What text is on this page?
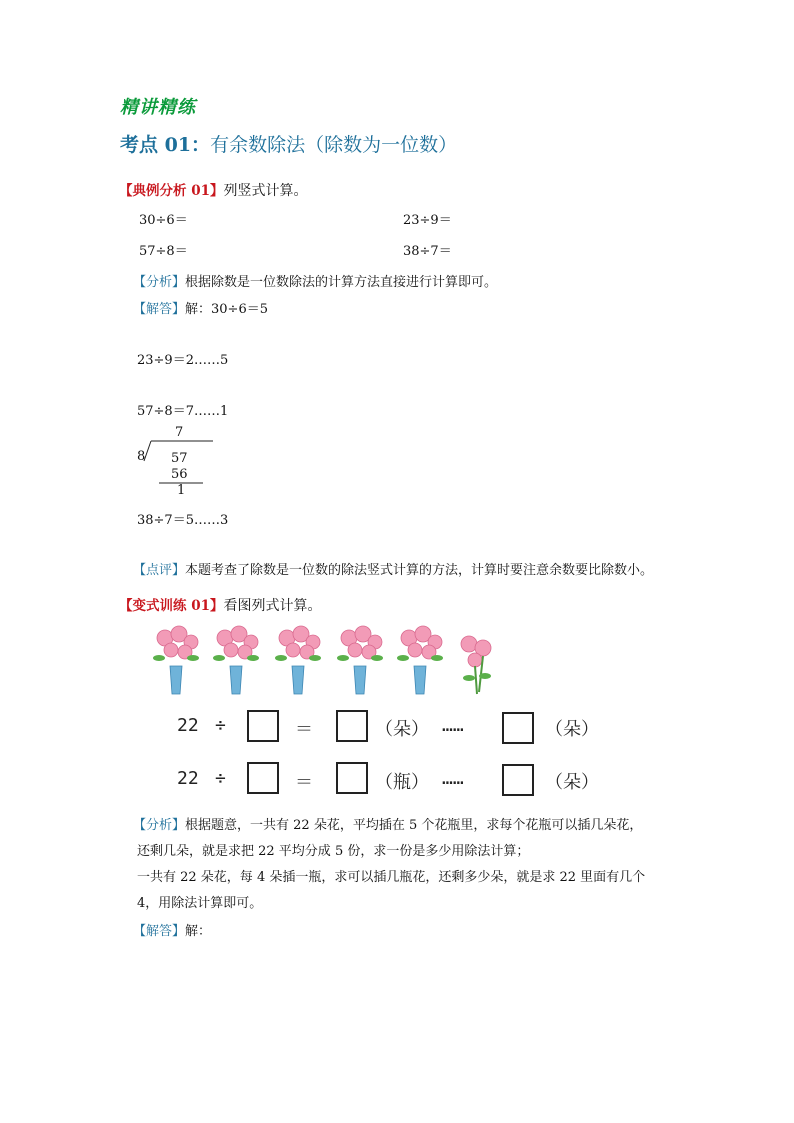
精讲精练
考点 01：有余数除法（除数为一位数）
【典例分析 01】列竖式计算。
30÷6＝	23÷9＝
57÷8＝	38÷7＝
【分析】根据除数是一位数除法的计算方法直接进行计算即可。
【解答】解：30÷6＝5
23÷9＝2……5
57÷8＝7……1
7
8 57
56
1
38÷7＝5……3
【点评】本题考查了除数是一位数的除法竖式计算的方法，计算时要注意余数要比除数小。
【变式训练 01】看图列式计算。
22 ÷	＝	（朵） ……	（朵）
22 ÷	＝	（瓶） ……	（朵）
【分析】根据题意，一共有 22 朵花，平均插在 5 个花瓶里，求每个花瓶可以插几朵花，
还剩几朵，就是求把 22 平均分成 5 份，求一份是多少用除法计算；
一共有 22 朵花，每 4 朵插一瓶，求可以插几瓶花，还剩多少朵，就是求 22 里面有几个
4，用除法计算即可。
【解答】解：
